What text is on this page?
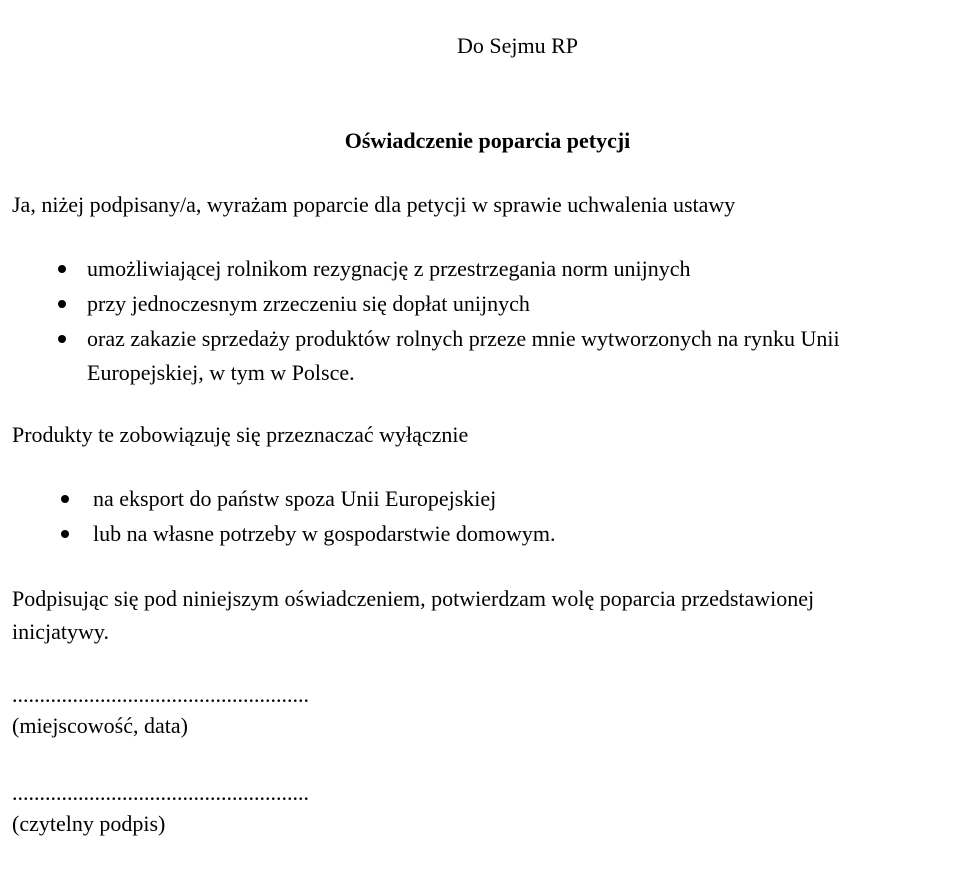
Do Sejmu RP
Oświadczenie poparcia petycji
Ja, niżej podpisany/a, wyrażam poparcie dla petycji w sprawie uchwalenia ustawy
umożliwiającej rolnikom rezygnację z przestrzegania norm unijnych
przy jednoczesnym zrzeczeniu się dopłat unijnych
oraz zakazie sprzedaży produktów rolnych przeze mnie wytworzonych na rynku Unii
Europejskiej, w tym w Polsce.
Produkty te zobowiązuję się przeznaczać wyłącznie
na eksport do państw spoza Unii Europejskiej
lub na własne potrzeby w gospodarstwie domowym.
Podpisując się pod niniejszym oświadczeniem, potwierdzam wolę poparcia przedstawionej
inicjatywy.
......................................................
(miejscowość, data)
......................................................
(czytelny podpis)
